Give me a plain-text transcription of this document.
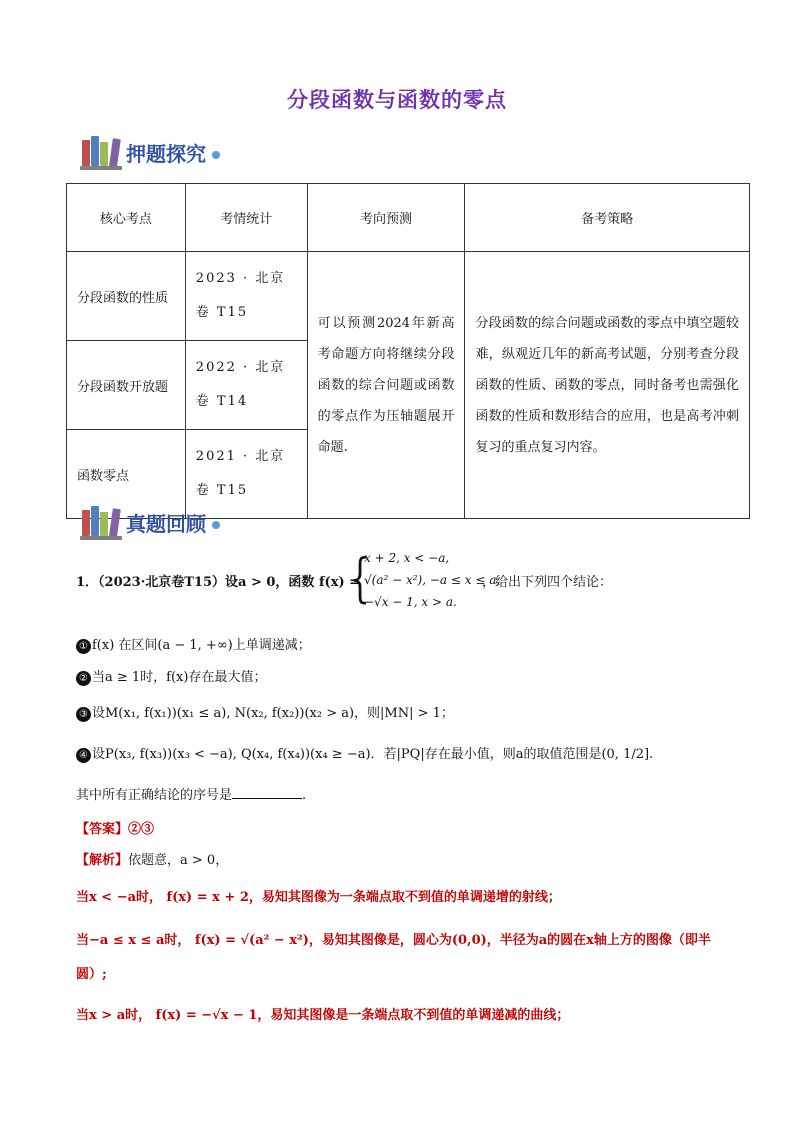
分段函数与函数的零点
押题探究
核心考点	考情统计	考向预测	备考策略
分段函数的性质	2023 · 北京卷 T15	可以预测2024年新高考命题方向将继续分段函数的综合问题或函数的零点作为压轴题展开命题.	分段函数的综合问题或函数的零点中填空题较难，纵观近几年的新高考试题，分别考查分段函数的性质、函数的零点，同时备考也需强化函数的性质和数形结合的应用，也是高考冲刺复习的重点复习内容。
分段函数开放题	2022 · 北京卷 T14		
函数零点	2021 · 北京卷 T15		
真题回顾
1．（2023·北京卷T15）设a > 0，函数 f(x) =
{
x + 2, x < −a,
√(a² − x²), −a ≤ x ≤ a,
−√x − 1, x > a.
，给出下列四个结论：
① f(x) 在区间(a − 1, +∞)上单调递减；
② 当a ≥ 1时，f(x)存在最大值；
③ 设M(x₁, f(x₁))(x₁ ≤ a), N(x₂, f(x₂))(x₂ > a)，则|MN| > 1；
④ 设P(x₃, f(x₃))(x₃ < −a), Q(x₄, f(x₄))(x₄ ≥ −a)．若|PQ|存在最小值，则a的取值范围是(0, 1/2].
其中所有正确结论的序号是	.
【答案】②③
【解析】依题意，a > 0，
当x < −a时， f(x) = x + 2，易知其图像为一条端点取不到值的单调递增的射线；
当−a ≤ x ≤ a时， f(x) = √(a² − x²)，易知其图像是，圆心为(0,0)，半径为a的圆在x轴上方的图像（即半
圆）;
当x > a时， f(x) = −√x − 1，易知其图像是一条端点取不到值的单调递减的曲线；
